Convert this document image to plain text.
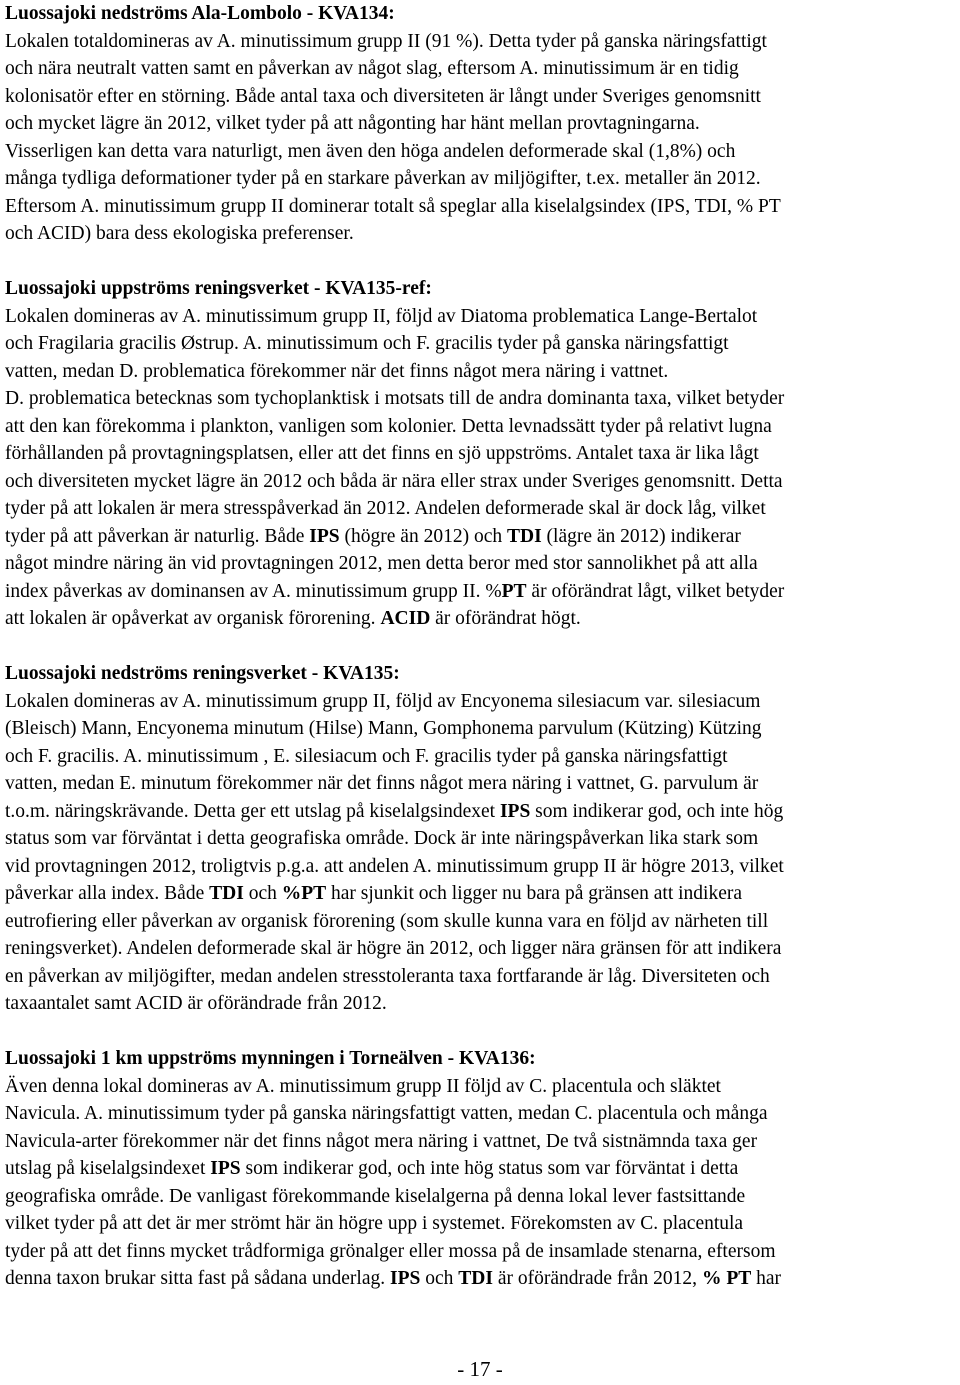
Luossajoki nedströms Ala-Lombolo - KVA134:
Lokalen totaldomineras av A. minutissimum grupp II (91 %). Detta tyder på ganska näringsfattigt
och nära neutralt vatten samt en påverkan av något slag, eftersom A. minutissimum är en tidig
kolonisatör efter en störning. Både antal taxa och diversiteten är långt under Sveriges genomsnitt
och mycket lägre än 2012, vilket tyder på att någonting har hänt mellan provtagningarna.
Visserligen kan detta vara naturligt, men även den höga andelen deformerade skal (1,8%) och
många tydliga deformationer tyder på en starkare påverkan av miljögifter, t.ex. metaller än 2012.
Eftersom A. minutissimum grupp II dominerar totalt så speglar alla kiselalgsindex (IPS, TDI, % PT
och ACID) bara dess ekologiska preferenser.
Luossajoki uppströms reningsverket - KVA135-ref:
Lokalen domineras av A. minutissimum grupp II, följd av Diatoma problematica Lange-Bertalot
och Fragilaria gracilis Østrup. A. minutissimum och F. gracilis tyder på ganska näringsfattigt
vatten, medan D. problematica förekommer när det finns något mera näring i vattnet.
D. problematica betecknas som tychoplanktisk i motsats till de andra dominanta taxa, vilket betyder
att den kan förekomma i plankton, vanligen som kolonier. Detta levnadssätt tyder på relativt lugna
förhållanden på provtagningsplatsen, eller att det finns en sjö uppströms. Antalet taxa är lika lågt
och diversiteten mycket lägre än 2012 och båda är nära eller strax under Sveriges genomsnitt. Detta
tyder på att lokalen är mera stresspåverkad än 2012. Andelen deformerade skal är dock låg, vilket
tyder på att påverkan är naturlig. Både IPS (högre än 2012) och TDI (lägre än 2012) indikerar
något mindre näring än vid provtagningen 2012, men detta beror med stor sannolikhet på att alla
index påverkas av dominansen av A. minutissimum grupp II. %PT är oförändrat lågt, vilket betyder
att lokalen är opåverkat av organisk förorening. ACID är oförändrat högt.
Luossajoki nedströms reningsverket - KVA135:
Lokalen domineras av A. minutissimum grupp II, följd av Encyonema silesiacum var. silesiacum
(Bleisch) Mann, Encyonema minutum (Hilse) Mann, Gomphonema parvulum (Kützing) Kützing
och F. gracilis. A. minutissimum , E. silesiacum och F. gracilis tyder på ganska näringsfattigt
vatten, medan E. minutum förekommer när det finns något mera näring i vattnet, G. parvulum är
t.o.m. näringskrävande. Detta ger ett utslag på kiselalgsindexet IPS som indikerar god, och inte hög
status som var förväntat i detta geografiska område. Dock är inte näringspåverkan lika stark som
vid provtagningen 2012, troligtvis p.g.a. att andelen A. minutissimum grupp II är högre 2013, vilket
påverkar alla index. Både TDI och %PT har sjunkit och ligger nu bara på gränsen att indikera
eutrofiering eller påverkan av organisk förorening (som skulle kunna vara en följd av närheten till
reningsverket). Andelen deformerade skal är högre än 2012, och ligger nära gränsen för att indikera
en påverkan av miljögifter, medan andelen stresstoleranta taxa fortfarande är låg. Diversiteten och
taxaantalet samt ACID är oförändrade från 2012.
Luossajoki 1 km uppströms mynningen i Torneälven - KVA136:
Även denna lokal domineras av A. minutissimum grupp II följd av C. placentula och släktet
Navicula. A. minutissimum tyder på ganska näringsfattigt vatten, medan C. placentula och många
Navicula-arter förekommer när det finns något mera näring i vattnet, De två sistnämnda taxa ger
utslag på kiselalgsindexet IPS som indikerar god, och inte hög status som var förväntat i detta
geografiska område. De vanligast förekommande kiselalgerna på denna lokal lever fastsittande
vilket tyder på att det är mer strömt här än högre upp i systemet. Förekomsten av C. placentula
tyder på att det finns mycket trådformiga grönalger eller mossa på de insamlade stenarna, eftersom
denna taxon brukar sitta fast på sådana underlag. IPS och TDI är oförändrade från 2012, % PT har
- 17 -
